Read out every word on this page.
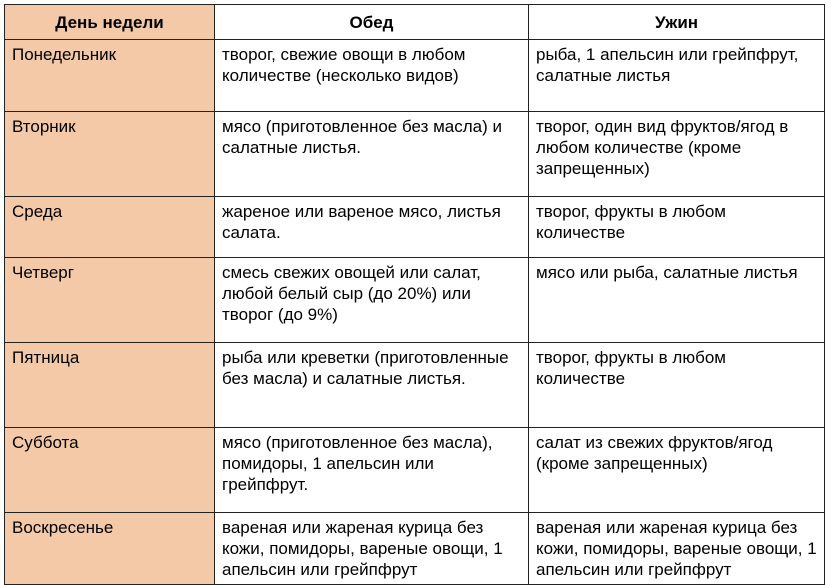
День недели	Обед	Ужин
Понедельник	творог, свежие овощи в любом количестве (несколько видов)	рыба, 1 апельсин или грейпфрут, салатные листья
Вторник	мясо (приготовленное без масла) и салатные листья.	творог, один вид фруктов/ягод в любом количестве (кроме запрещенных)
Среда	жареное или вареное мясо, листья салата.	творог, фрукты в любом количестве
Четверг	смесь свежих овощей или салат, любой белый сыр (до 20%) или творог (до 9%)	мясо или рыба, салатные листья
Пятница	рыба или креветки (приготовленные без масла) и салатные листья.	творог, фрукты в любом количестве
Суббота	мясо (приготовленное без масла), помидоры, 1 апельсин или грейпфрут.	салат из свежих фруктов/ягод (кроме запрещенных)
Воскресенье	вареная или жареная курица без кожи, помидоры, вареные овощи, 1 апельсин или грейпфрут	вареная или жареная курица без кожи, помидоры, вареные овощи, 1 апельсин или грейпфрут
